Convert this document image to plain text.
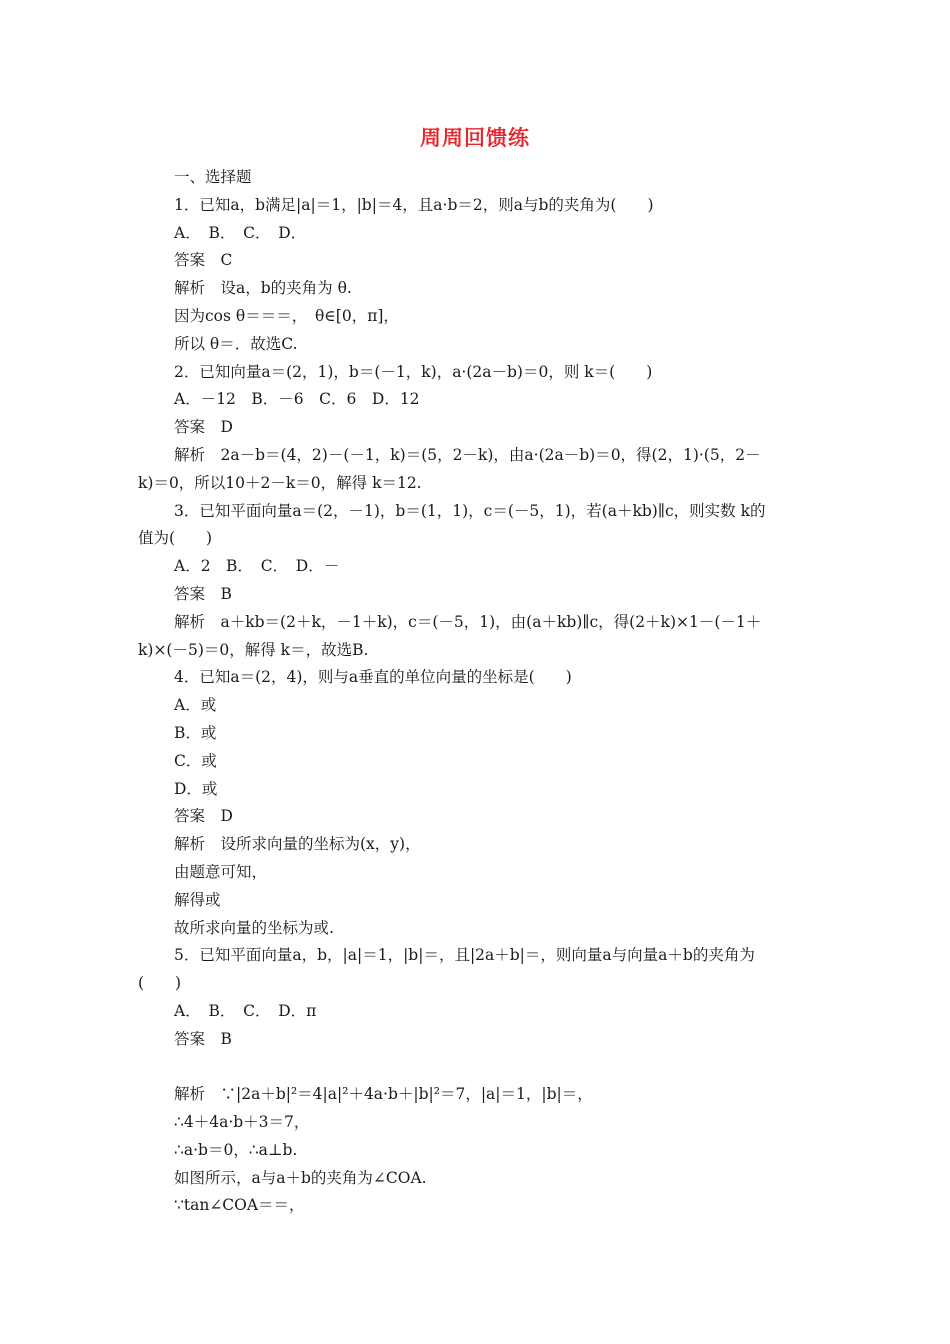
周周回馈练
一、选择题
1．已知a，b满足|a|＝1，|b|＝4，且a·b＝2，则a与b的夹角为(　　)
A．　B．　C．　D．
答案　C
解析　设a，b的夹角为 θ.
因为cos θ＝＝＝，　θ∈[0，π]，
所以 θ＝．故选C.
2．已知向量a＝(2，1)，b＝(－1，k)，a·(2a－b)＝0，则 k＝(　　)
A．－12　B．－6　C．6　D．12
答案　D
解析　2a－b＝(4，2)－(－1，k)＝(5，2－k)，由a·(2a－b)＝0，得(2，1)·(5，2－
k)＝0，所以10＋2－k＝0，解得 k＝12.
3．已知平面向量a＝(2，－1)，b＝(1，1)，c＝(－5，1)，若(a＋kb)∥c，则实数 k的
值为(　　)
A．2　B．　C．　D．－
答案　B
解析　a＋kb＝(2＋k，－1＋k)，c＝(－5，1)，由(a＋kb)∥c，得(2＋k)×1－(－1＋
k)×(－5)＝0，解得 k＝，故选B.
4．已知a＝(2，4)，则与a垂直的单位向量的坐标是(　　)
A．或
B．或
C．或
D．或
答案　D
解析　设所求向量的坐标为(x，y)，
由题意可知，
解得或
故所求向量的坐标为或.
5．已知平面向量a，b，|a|＝1，|b|＝，且|2a＋b|＝，则向量a与向量a＋b的夹角为
(　　)
A．　B．　C．　D．π
答案　B
解析　∵|2a＋b|²＝4|a|²＋4a·b＋|b|²＝7，|a|＝1，|b|＝，
∴4＋4a·b＋3＝7，
∴a·b＝0，∴a⊥b.
如图所示，a与a＋b的夹角为∠COA.
∵tan∠COA＝＝，
